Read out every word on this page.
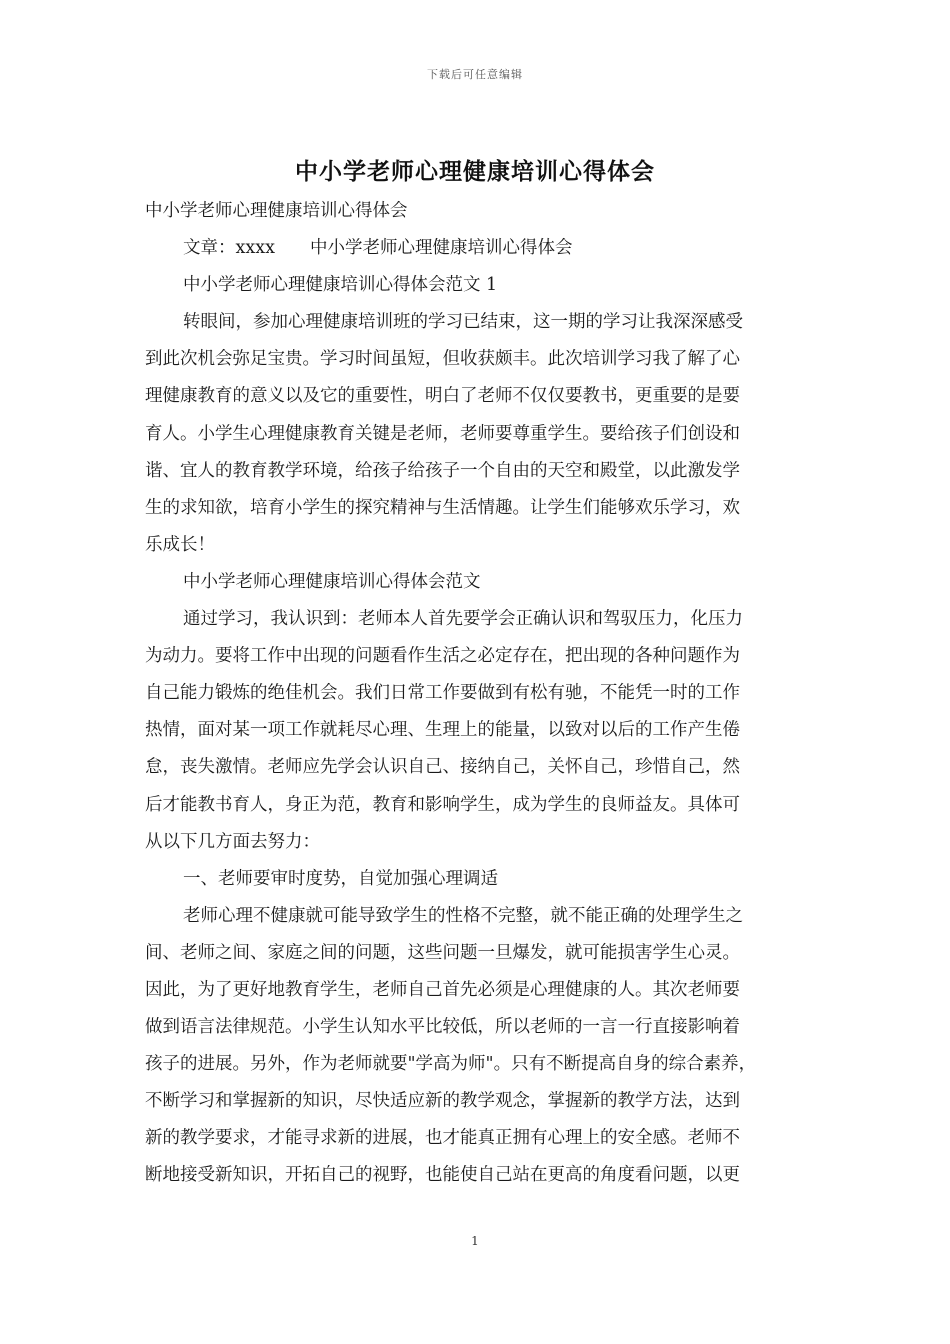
下载后可任意编辑
中小学老师心理健康培训心得体会
中小学老师心理健康培训心得体会
文章：xxxx　　中小学老师心理健康培训心得体会
中小学老师心理健康培训心得体会范文 1
转眼间，参加心理健康培训班的学习已结束，这一期的学习让我深深感受
到此次机会弥足宝贵。学习时间虽短，但收获颇丰。此次培训学习我了解了心
理健康教育的意义以及它的重要性，明白了老师不仅仅要教书，更重要的是要
育人。小学生心理健康教育关键是老师，老师要尊重学生。要给孩子们创设和
谐、宜人的教育教学环境，给孩子给孩子一个自由的天空和殿堂，以此激发学
生的求知欲，培育小学生的探究精神与生活情趣。让学生们能够欢乐学习，欢
乐成长！
中小学老师心理健康培训心得体会范文
通过学习，我认识到：老师本人首先要学会正确认识和驾驭压力，化压力
为动力。要将工作中出现的问题看作生活之必定存在，把出现的各种问题作为
自己能力锻炼的绝佳机会。我们日常工作要做到有松有驰，不能凭一时的工作
热情，面对某一项工作就耗尽心理、生理上的能量，以致对以后的工作产生倦
怠，丧失激情。老师应先学会认识自己、接纳自己，关怀自己，珍惜自己，然
后才能教书育人，身正为范，教育和影响学生，成为学生的良师益友。具体可
从以下几方面去努力：
一、老师要审时度势，自觉加强心理调适
老师心理不健康就可能导致学生的性格不完整，就不能正确的处理学生之
间、老师之间、家庭之间的问题，这些问题一旦爆发，就可能损害学生心灵。
因此，为了更好地教育学生，老师自己首先必须是心理健康的人。其次老师要
做到语言法律规范。小学生认知水平比较低，所以老师的一言一行直接影响着
孩子的进展。另外，作为老师就要"学高为师"。只有不断提高自身的综合素养，
不断学习和掌握新的知识，尽快适应新的教学观念，掌握新的教学方法，达到
新的教学要求，才能寻求新的进展，也才能真正拥有心理上的安全感。老师不
断地接受新知识，开拓自己的视野，也能使自己站在更高的角度看问题，以更
1
